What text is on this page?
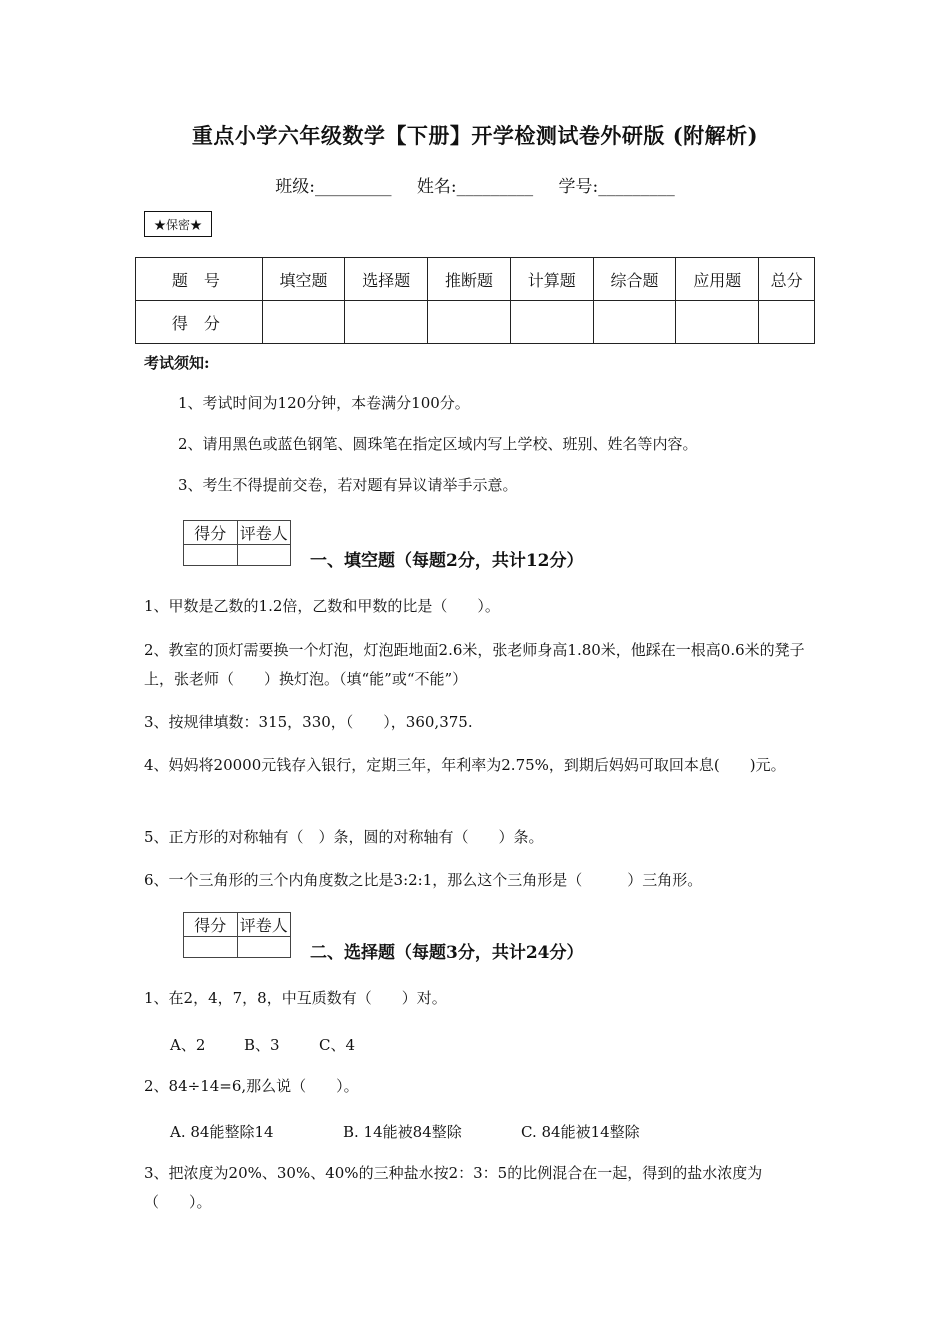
重点小学六年级数学【下册】开学检测试卷外研版 (附解析)
班级:_________ 姓名:_________ 学号:_________
★保密★
题号	填空题	选择题	推断题	计算题	综合题	应用题	总分
得分							
考试须知:
1、考试时间为120分钟，本卷满分100分。
2、请用黑色或蓝色钢笔、圆珠笔在指定区域内写上学校、班别、姓名等内容。
3、考生不得提前交卷，若对题有异议请举手示意。
得分	评卷人

一、填空题（每题2分，共计12分）
1、甲数是乙数的1.2倍，乙数和甲数的比是（　　）。
2、教室的顶灯需要换一个灯泡，灯泡距地面2.6米，张老师身高1.80米，他踩在一根高0.6米的凳子上，张老师（　　）换灯泡。（填“能”或“不能”）
3、按规律填数：315，330，（　　），360,375.
4、妈妈将20000元钱存入银行，定期三年，年利率为2.75%，到期后妈妈可取回本息(　　)元。
5、正方形的对称轴有（　）条，圆的对称轴有（　　）条。
6、一个三角形的三个内角度数之比是3:2:1，那么这个三角形是（　　　）三角形。
得分	评卷人

二、选择题（每题3分，共计24分）
1、在2，4，7，8，中互质数有（　　）对。
A、2	B、3	C、4
2、84÷14=6,那么说（　　）。
A. 84能整除14	B. 14能被84整除	C. 84能被14整除
3、把浓度为20%、30%、40%的三种盐水按2：3：5的比例混合在一起，得到的盐水浓度为（　　）。
